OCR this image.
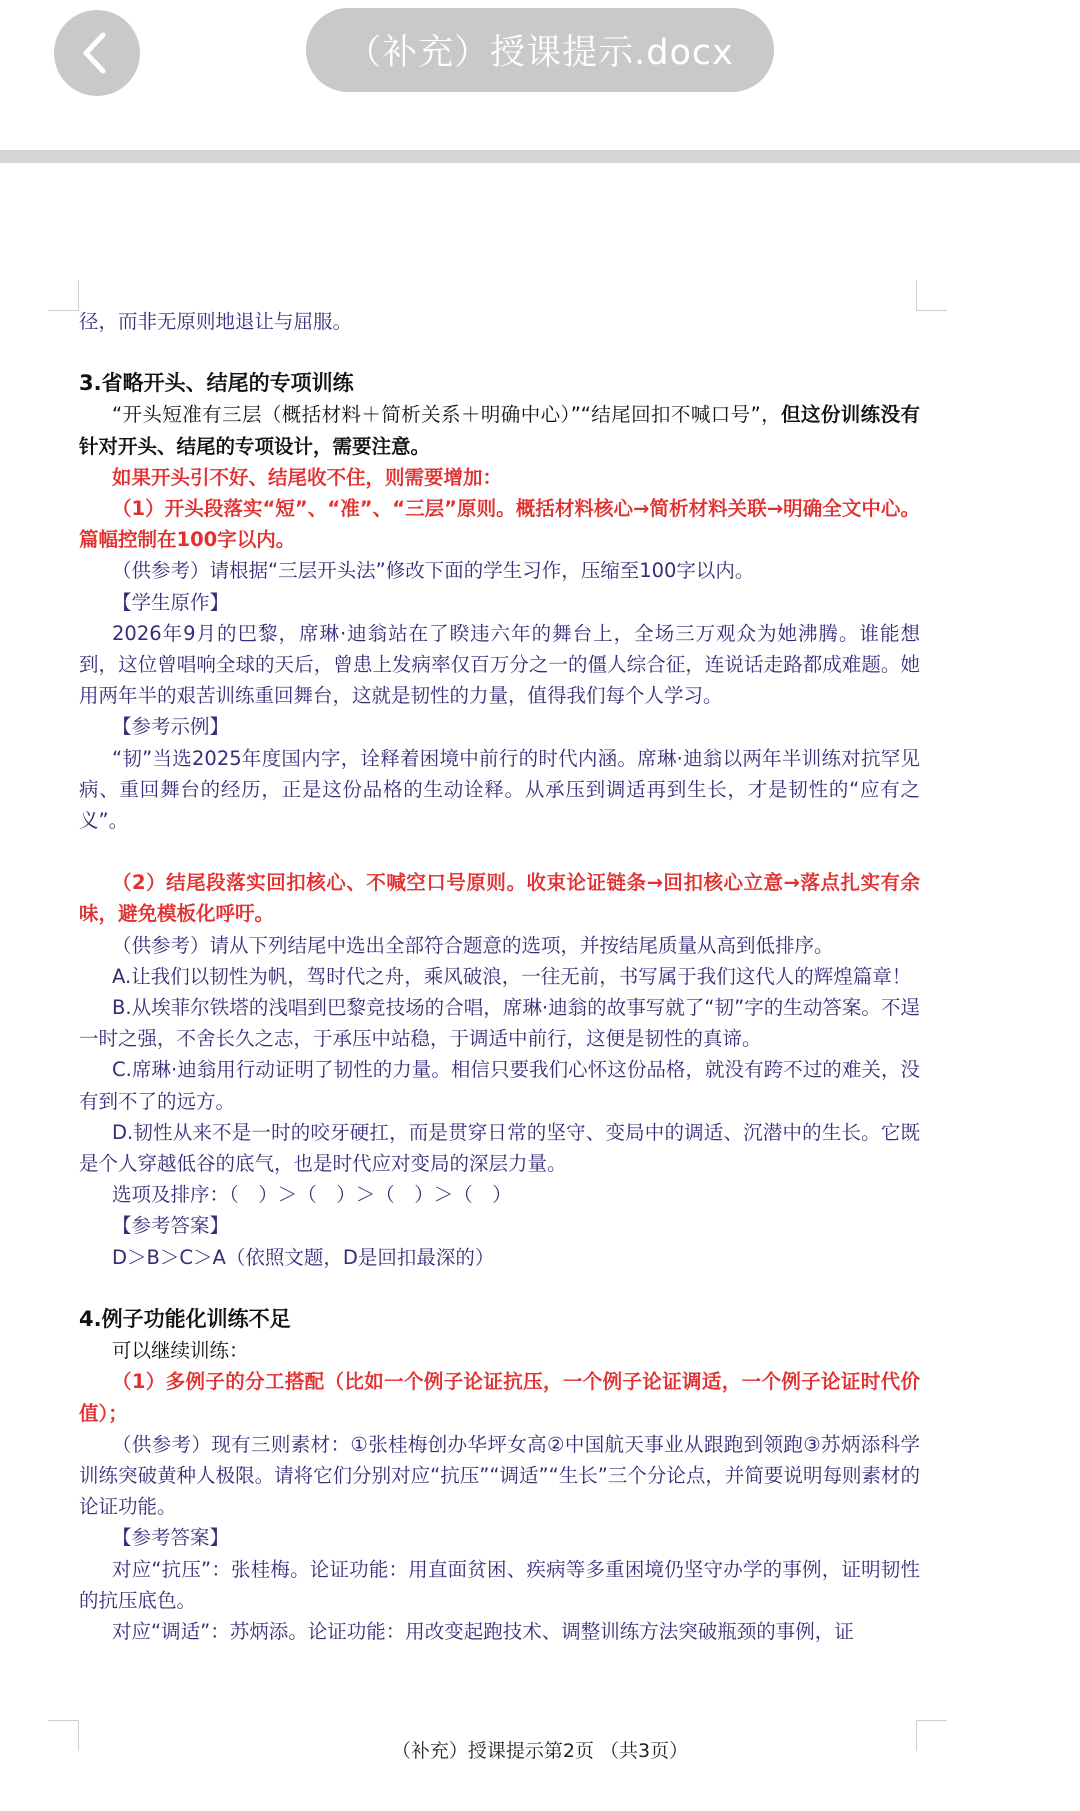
（补充）授课提示.docx

径，而非无原则地退让与屈服。

3.省略开头、结尾的专项训练

“开头短准有三层（概括材料＋简析关系＋明确中心）”“结尾回扣不喊口号”，但这份训练没有针对开头、结尾的专项设计，需要注意。

如果开头引不好、结尾收不住，则需要增加：

（1）开头段落实“短”、“准”、“三层”原则。概括材料核心→简析材料关联→明确全文中心。篇幅控制在100字以内。

（供参考）请根据“三层开头法”修改下面的学生习作，压缩至100字以内。

【学生原作】

2026年9月的巴黎，席琳·迪翁站在了睽违六年的舞台上，全场三万观众为她沸腾。谁能想到，这位曾唱响全球的天后，曾患上发病率仅百万分之一的僵人综合征，连说话走路都成难题。她用两年半的艰苦训练重回舞台，这就是韧性的力量，值得我们每个人学习。

【参考示例】

“韧”当选2025年度国内字，诠释着困境中前行的时代内涵。席琳·迪翁以两年半训练对抗罕见病、重回舞台的经历，正是这份品格的生动诠释。从承压到调适再到生长，才是韧性的“应有之义”。

（2）结尾段落实回扣核心、不喊空口号原则。收束论证链条→回扣核心立意→落点扎实有余味，避免模板化呼吁。

（供参考）请从下列结尾中选出全部符合题意的选项，并按结尾质量从高到低排序。

A.让我们以韧性为帆，驾时代之舟，乘风破浪，一往无前，书写属于我们这代人的辉煌篇章！

B.从埃菲尔铁塔的浅唱到巴黎竞技场的合唱，席琳·迪翁的故事写就了“韧”字的生动答案。不逞一时之强，不舍长久之志，于承压中站稳，于调适中前行，这便是韧性的真谛。

C.席琳·迪翁用行动证明了韧性的力量。相信只要我们心怀这份品格，就没有跨不过的难关，没有到不了的远方。

D.韧性从来不是一时的咬牙硬扛，而是贯穿日常的坚守、变局中的调适、沉潜中的生长。它既是个人穿越低谷的底气，也是时代应对变局的深层力量。

选项及排序：（　）＞（　）＞（　）＞（　）

【参考答案】

D＞B＞C＞A（依照文题，D是回扣最深的）

4.例子功能化训练不足

可以继续训练：

（1）多例子的分工搭配（比如一个例子论证抗压，一个例子论证调适，一个例子论证时代价值）；

（供参考）现有三则素材：①张桂梅创办华坪女高②中国航天事业从跟跑到领跑③苏炳添科学训练突破黄种人极限。请将它们分别对应“抗压”“调适”“生长”三个分论点，并简要说明每则素材的论证功能。

【参考答案】

对应“抗压”：张桂梅。论证功能：用直面贫困、疾病等多重困境仍坚守办学的事例，证明韧性的抗压底色。

对应“调适”：苏炳添。论证功能：用改变起跑技术、调整训练方法突破瓶颈的事例，证

（补充）授课提示第2页 （共3页）
